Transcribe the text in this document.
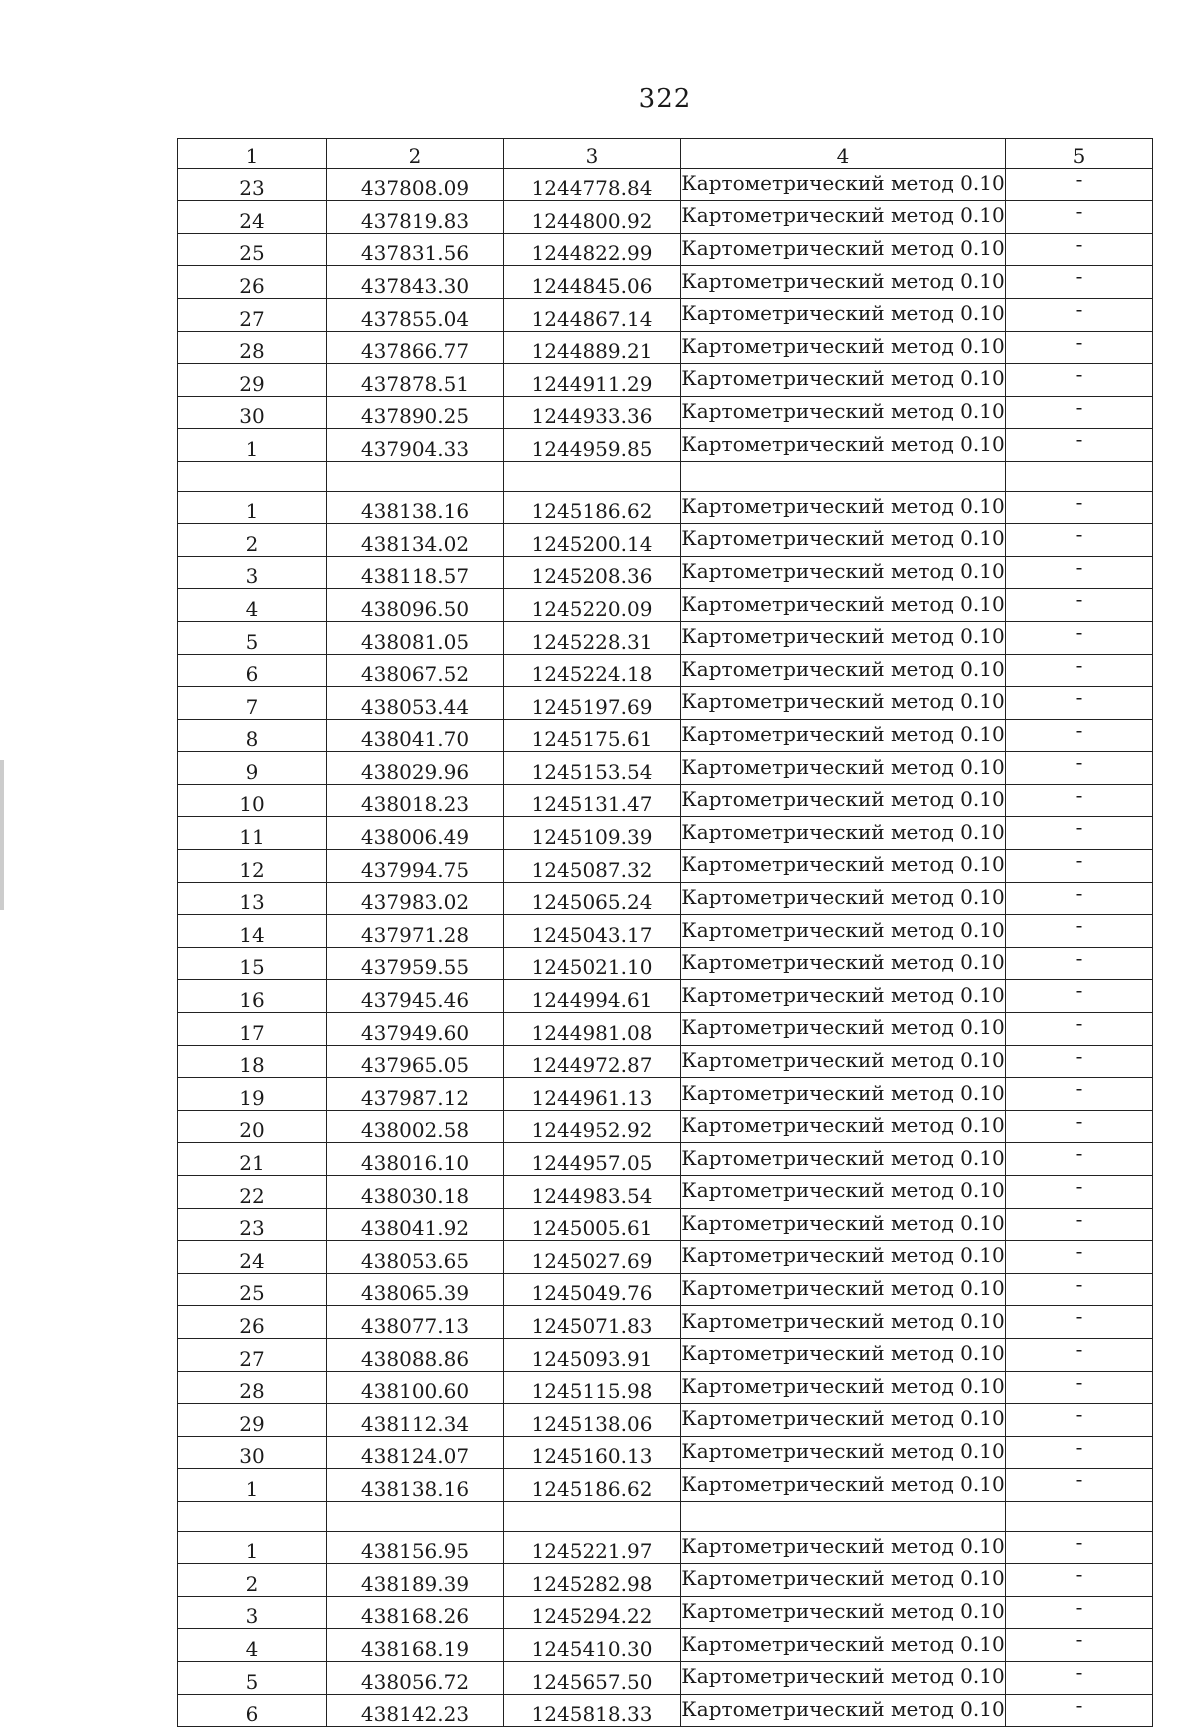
322
1	2	3	4	5
23	437808.09	1244778.84	Картометрический метод 0.10	-
24	437819.83	1244800.92	Картометрический метод 0.10	-
25	437831.56	1244822.99	Картометрический метод 0.10	-
26	437843.30	1244845.06	Картометрический метод 0.10	-
27	437855.04	1244867.14	Картометрический метод 0.10	-
28	437866.77	1244889.21	Картометрический метод 0.10	-
29	437878.51	1244911.29	Картометрический метод 0.10	-
30	437890.25	1244933.36	Картометрический метод 0.10	-
1	437904.33	1244959.85	Картометрический метод 0.10	-

1	438138.16	1245186.62	Картометрический метод 0.10	-
2	438134.02	1245200.14	Картометрический метод 0.10	-
3	438118.57	1245208.36	Картометрический метод 0.10	-
4	438096.50	1245220.09	Картометрический метод 0.10	-
5	438081.05	1245228.31	Картометрический метод 0.10	-
6	438067.52	1245224.18	Картометрический метод 0.10	-
7	438053.44	1245197.69	Картометрический метод 0.10	-
8	438041.70	1245175.61	Картометрический метод 0.10	-
9	438029.96	1245153.54	Картометрический метод 0.10	-
10	438018.23	1245131.47	Картометрический метод 0.10	-
11	438006.49	1245109.39	Картометрический метод 0.10	-
12	437994.75	1245087.32	Картометрический метод 0.10	-
13	437983.02	1245065.24	Картометрический метод 0.10	-
14	437971.28	1245043.17	Картометрический метод 0.10	-
15	437959.55	1245021.10	Картометрический метод 0.10	-
16	437945.46	1244994.61	Картометрический метод 0.10	-
17	437949.60	1244981.08	Картометрический метод 0.10	-
18	437965.05	1244972.87	Картометрический метод 0.10	-
19	437987.12	1244961.13	Картометрический метод 0.10	-
20	438002.58	1244952.92	Картометрический метод 0.10	-
21	438016.10	1244957.05	Картометрический метод 0.10	-
22	438030.18	1244983.54	Картометрический метод 0.10	-
23	438041.92	1245005.61	Картометрический метод 0.10	-
24	438053.65	1245027.69	Картометрический метод 0.10	-
25	438065.39	1245049.76	Картометрический метод 0.10	-
26	438077.13	1245071.83	Картометрический метод 0.10	-
27	438088.86	1245093.91	Картометрический метод 0.10	-
28	438100.60	1245115.98	Картометрический метод 0.10	-
29	438112.34	1245138.06	Картометрический метод 0.10	-
30	438124.07	1245160.13	Картометрический метод 0.10	-
1	438138.16	1245186.62	Картометрический метод 0.10	-

1	438156.95	1245221.97	Картометрический метод 0.10	-
2	438189.39	1245282.98	Картометрический метод 0.10	-
3	438168.26	1245294.22	Картометрический метод 0.10	-
4	438168.19	1245410.30	Картометрический метод 0.10	-
5	438056.72	1245657.50	Картометрический метод 0.10	-
6	438142.23	1245818.33	Картометрический метод 0.10	-
